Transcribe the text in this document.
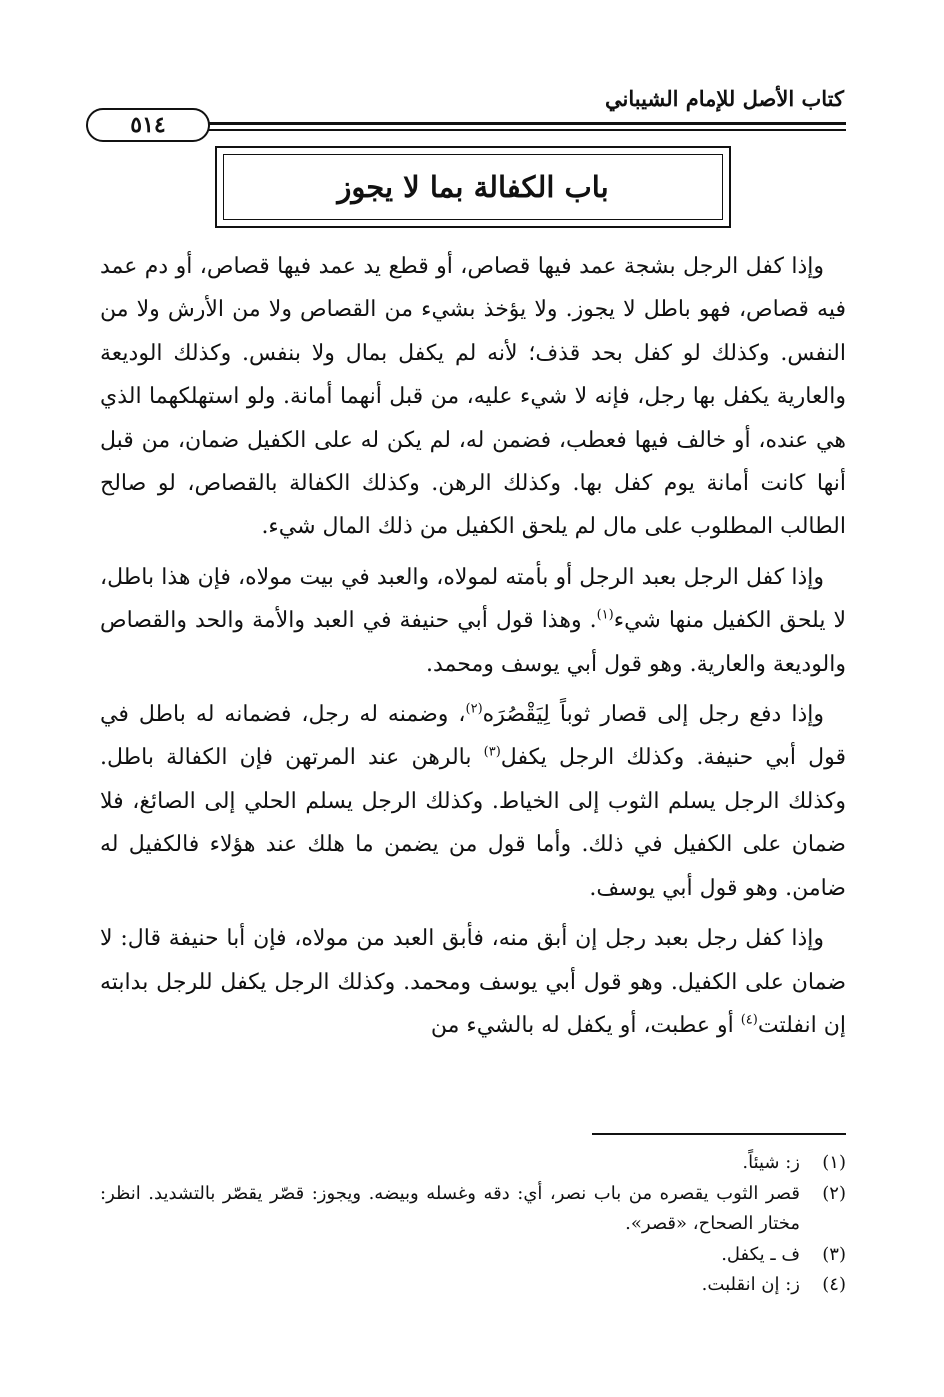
كتاب الأصل للإمام الشيباني
٥١٤
باب الكفالة بما لا يجوز

وإذا كفل الرجل بشجة عمد فيها قصاص، أو قطع يد عمد فيها قصاص، أو دم عمد فيه قصاص، فهو باطل لا يجوز. ولا يؤخذ بشيء من القصاص ولا من الأرش ولا من النفس. وكذلك لو كفل بحد قذف؛ لأنه لم يكفل بمال ولا بنفس. وكذلك الوديعة والعارية يكفل بها رجل، فإنه لا شيء عليه، من قبل أنهما أمانة. ولو استهلكهما الذي هي عنده، أو خالف فيها فعطب، فضمن له، لم يكن له على الكفيل ضمان، من قبل أنها كانت أمانة يوم كفل بها. وكذلك الرهن. وكذلك الكفالة بالقصاص، لو صالح الطالب المطلوب على مال لم يلحق الكفيل من ذلك المال شيء.

وإذا كفل الرجل بعبد الرجل أو بأمته لمولاه، والعبد في بيت مولاه، فإن هذا باطل، لا يلحق الكفيل منها شيء$^{(١)}$. وهذا قول أبي حنيفة في العبد والأمة والحد والقصاص والوديعة والعارية. وهو قول أبي يوسف ومحمد.

وإذا دفع رجل إلى قصار ثوباً لِيَقْصُرَه$^{(٢)}$، وضمنه له رجل، فضمانه له باطل في قول أبي حنيفة. وكذلك الرجل يكفل$^{(٣)}$ بالرهن عند المرتهن فإن الكفالة باطل. وكذلك الرجل يسلم الثوب إلى الخياط. وكذلك الرجل يسلم الحلي إلى الصائغ، فلا ضمان على الكفيل في ذلك. وأما قول من يضمن ما هلك عند هؤلاء فالكفيل له ضامن. وهو قول أبي يوسف.

وإذا كفل رجل بعبد رجل إن أبق منه، فأبق العبد من مولاه، فإن أبا حنيفة قال: لا ضمان على الكفيل. وهو قول أبي يوسف ومحمد. وكذلك الرجل يكفل للرجل بدابته إن انفلتت$^{(٤)}$ أو عطبت، أو يكفل له بالشيء من

(١)
ز: شيئاً.
(٢)
قصر الثوب يقصره من باب نصر، أي: دقه وغسله وبيضه. ويجوز: قصّر يقصّر بالتشديد. انظر: مختار الصحاح، «قصر».
(٣)
ف ـ يكفل.
(٤)
ز: إن انقلبت.
